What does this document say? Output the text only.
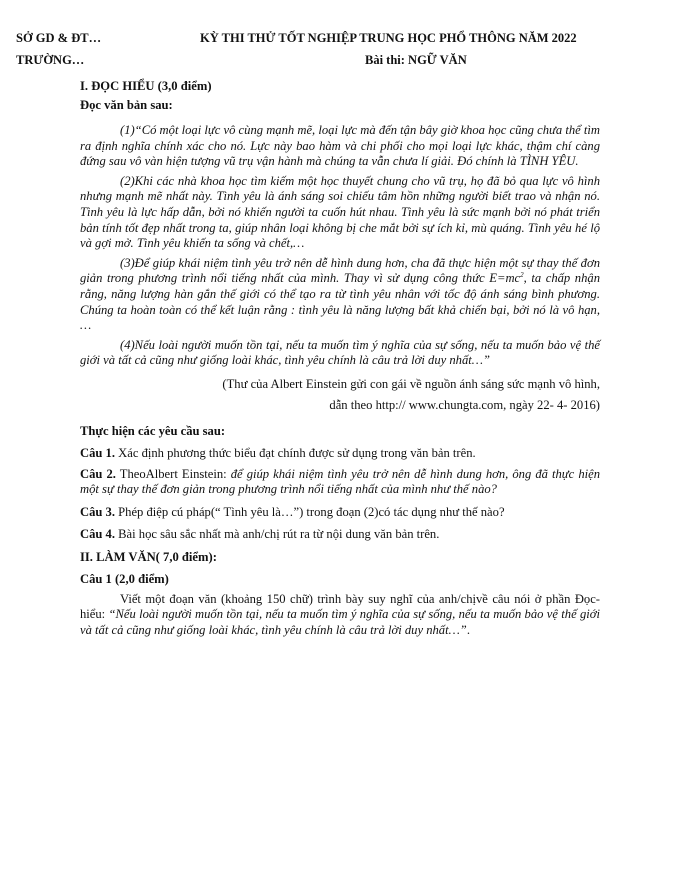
SỞ GD & ĐT…
TRƯỜNG…
KỲ THI THỬ TỐT NGHIỆP TRUNG HỌC PHỔ THÔNG NĂM 2022
Bài thi: NGỮ VĂN

I. ĐỌC HIỂU (3,0 điểm)

Đọc văn bản sau:

(1)“Có một loại lực vô cùng mạnh mẽ, loại lực mà đến tận bây giờ khoa học cũng chưa thể tìm ra định nghĩa chính xác cho nó. Lực này bao hàm và chi phối cho mọi loại lực khác, thậm chí càng đứng sau vô vàn hiện tượng vũ trụ vận hành mà chúng ta vẫn chưa lí giải. Đó chính là TÌNH YÊU.

(2)Khi các nhà khoa học tìm kiếm một học thuyết chung cho vũ trụ, họ đã bỏ qua lực vô hình nhưng mạnh mẽ nhất này. Tình yêu là ánh sáng soi chiếu tâm hồn những người biết trao và nhận nó. Tình yêu là lực hấp dẫn, bởi nó khiến người ta cuốn hút nhau. Tình yêu là sức mạnh bởi nó phát triển bản tính tốt đẹp nhất trong ta, giúp nhân loại không bị che mắt bởi sự ích kỉ, mù quáng. Tình yêu hé lộ và gợi mở. Tình yêu khiến ta sống và chết,…

(3)Để giúp khái niệm tình yêu trở nên dễ hình dung hơn, cha đã thực hiện một sự thay thế đơn giản trong phương trình nổi tiếng nhất của mình. Thay vì sử dụng công thức $E=mc^2$, ta chấp nhận rằng, năng lượng hàn gắn thế giới có thể tạo ra từ tình yêu nhân với tốc độ ánh sáng bình phương. Chúng ta hoàn toàn có thể kết luận rằng : tình yêu là năng lượng bất khả chiến bại, bởi nó là vô hạn, …

(4)Nếu loài người muốn tồn tại, nếu ta muốn tìm ý nghĩa của sự sống, nếu ta muốn bảo vệ thế giới và tất cả cũng như giống loài khác, tình yêu chính là câu trả lời duy nhất…”

(Thư của Albert Einstein gửi con gái về nguồn ánh sáng sức mạnh vô hình,

dẫn theo http:// www.chungta.com, ngày 22- 4- 2016)

Thực hiện các yêu cầu sau:

Câu 1. Xác định phương thức biểu đạt chính được sử dụng trong văn bản trên.

Câu 2. TheoAlbert Einstein: để giúp khái niệm tình yêu trở nên dễ hình dung hơn, ông đã thực hiện một sự thay thế đơn giản trong phương trình nổi tiếng nhất của mình như thế nào?

Câu 3. Phép điệp cú pháp(“ Tình yêu là…”) trong đoạn (2)có tác dụng như thế nào?

Câu 4. Bài học sâu sắc nhất mà anh/chị rút ra từ nội dung văn bản trên.

II. LÀM VĂN( 7,0 điểm):

Câu 1 (2,0 điểm)

Viết một đoạn văn (khoảng 150 chữ) trình bày suy nghĩ của anh/chịvề câu nói ở phần Đọc- hiểu: “Nếu loài người muốn tồn tại, nếu ta muốn tìm ý nghĩa của sự sống, nếu ta muốn bảo vệ thế giới và tất cả cũng như giống loài khác, tình yêu chính là câu trả lời duy nhất…”.
